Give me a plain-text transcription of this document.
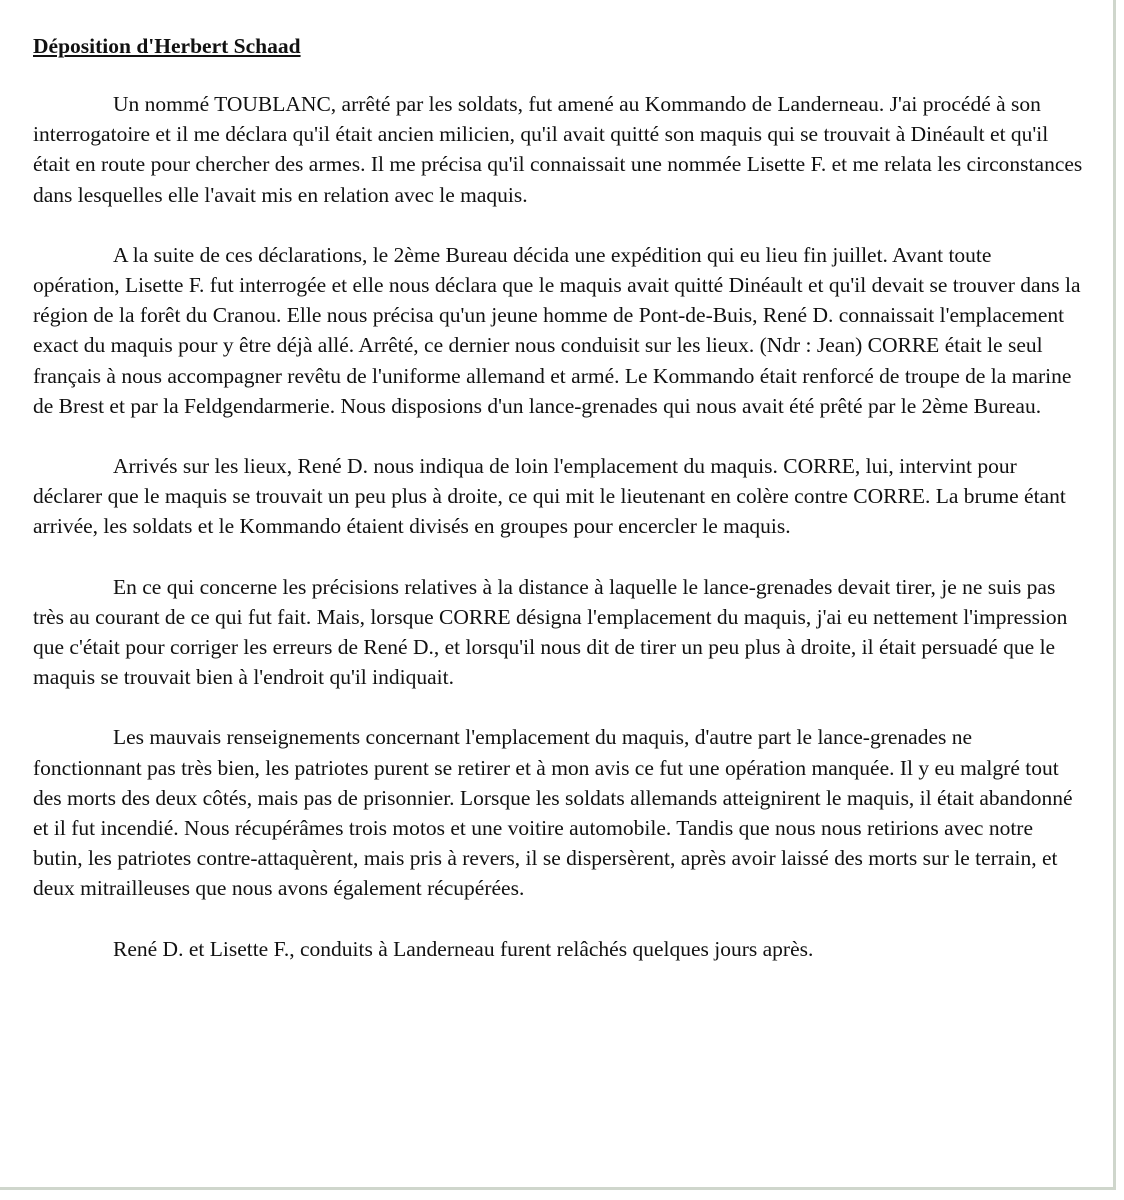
Déposition d'Herbert Schaad

Un nommé TOUBLANC, arrêté par les soldats, fut amené au Kommando de Landerneau. J'ai procédé à son interrogatoire et il me déclara qu'il était ancien milicien, qu'il avait quitté son maquis qui se trouvait à Dinéault et qu'il était en route pour chercher des armes. Il me précisa qu'il connaissait une nommée Lisette F. et me relata les circonstances dans lesquelles elle l'avait mis en relation avec le maquis.

A la suite de ces déclarations, le 2ème Bureau décida une expédition qui eu lieu fin juillet. Avant toute opération, Lisette F. fut interrogée et elle nous déclara que le maquis avait quitté Dinéault et qu'il devait se trouver dans la région de la forêt du Cranou. Elle nous précisa qu'un jeune homme de Pont-de-Buis, René D. connaissait l'emplacement exact du maquis pour y être déjà allé. Arrêté, ce dernier nous conduisit sur les lieux. (Ndr : Jean) CORRE était le seul français à nous accompagner revêtu de l'uniforme allemand et armé. Le Kommando était renforcé de troupe de la marine de Brest et par la Feldgendarmerie. Nous disposions d'un lance-grenades qui nous avait été prêté par le 2ème Bureau.

Arrivés sur les lieux, René D. nous indiqua de loin l'emplacement du maquis. CORRE, lui, intervint pour déclarer que le maquis se trouvait un peu plus à droite, ce qui mit le lieutenant en colère contre CORRE. La brume étant arrivée, les soldats et le Kommando étaient divisés en groupes pour encercler le maquis.

En ce qui concerne les précisions relatives à la distance à laquelle le lance-grenades devait tirer, je ne suis pas très au courant de ce qui fut fait. Mais, lorsque CORRE désigna l'emplacement du maquis, j'ai eu nettement l'impression que c'était pour corriger les erreurs de René D., et lorsqu'il nous dit de tirer un peu plus à droite, il était persuadé que le maquis se trouvait bien à l'endroit qu'il indiquait.

Les mauvais renseignements concernant l'emplacement du maquis, d'autre part le lance-grenades ne fonctionnant pas très bien, les patriotes purent se retirer et à mon avis ce fut une opération manquée. Il y eu malgré tout des morts des deux côtés, mais pas de prisonnier. Lorsque les soldats allemands atteignirent le maquis, il était abandonné et il fut incendié. Nous récupérâmes trois motos et une voitire automobile. Tandis que nous nous retirions avec notre butin, les patriotes contre-attaquèrent, mais pris à revers, il se dispersèrent, après avoir laissé des morts sur le terrain, et deux mitrailleuses que nous avons également récupérées.

René D. et Lisette F., conduits à Landerneau furent relâchés quelques jours après.
